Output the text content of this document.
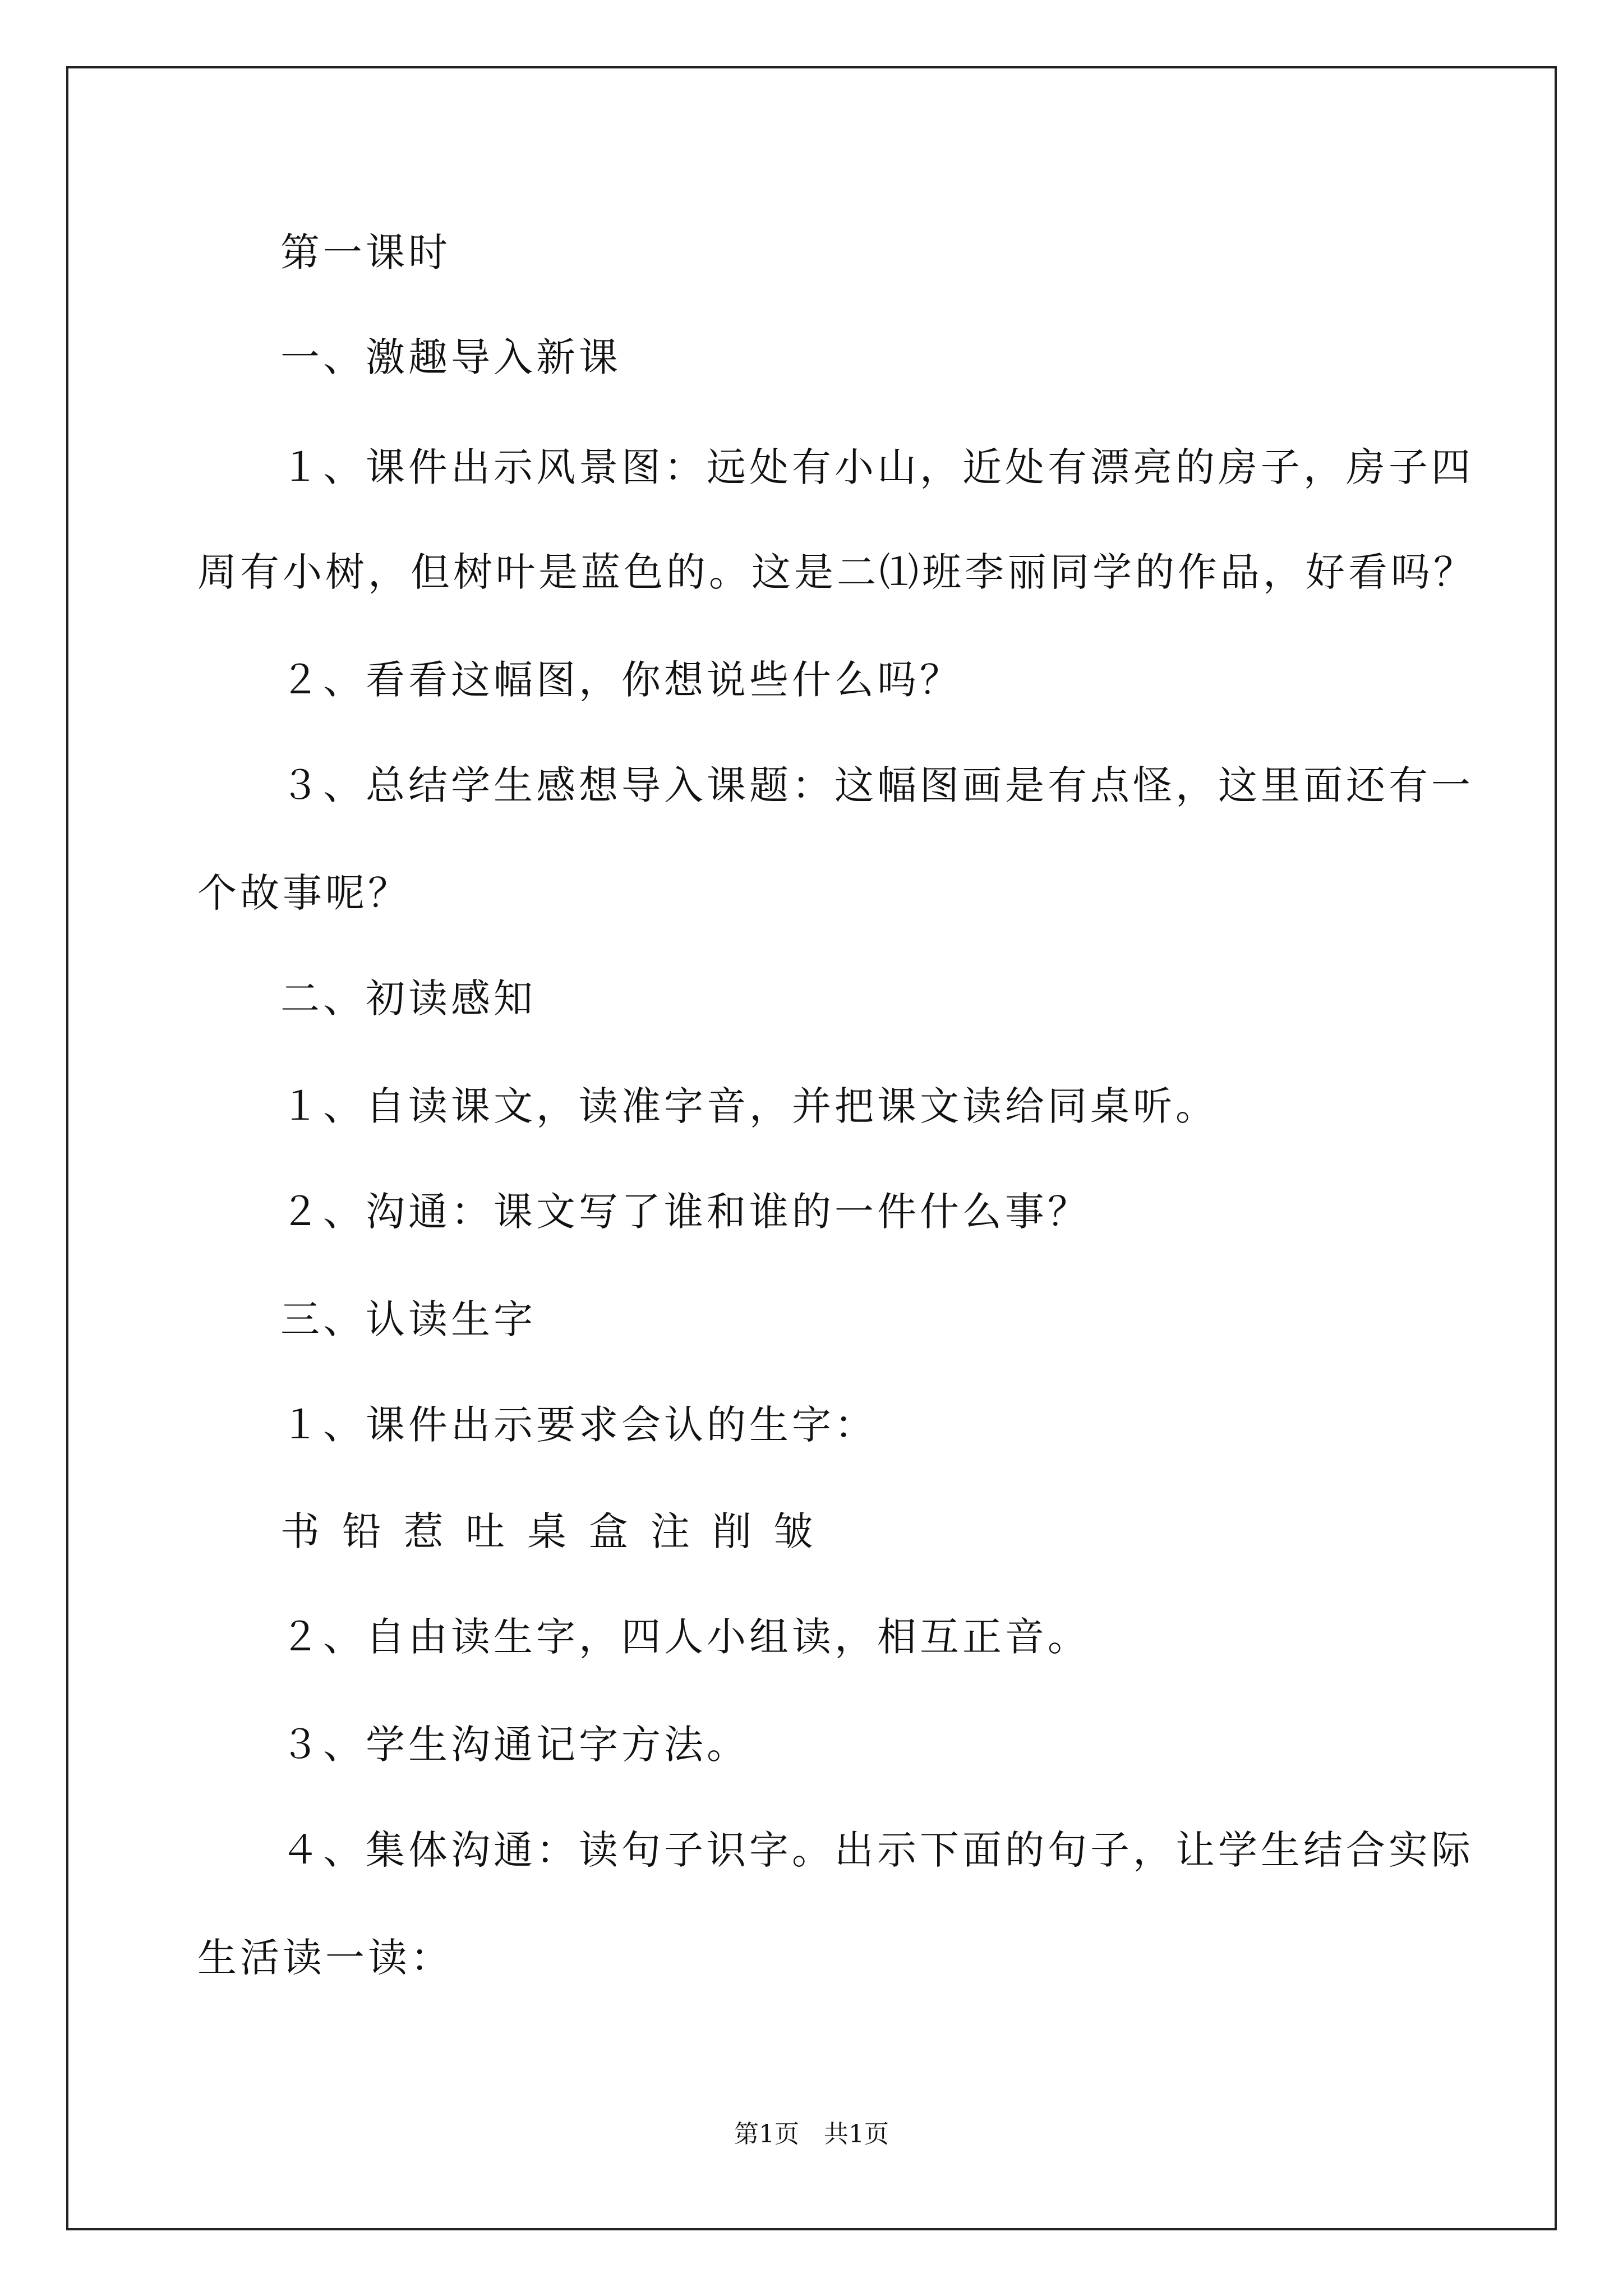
第一课时
一、激趣导入新课
１、课件出示风景图：远处有小山，近处有漂亮的房子，房子四
周有小树，但树叶是蓝色的。这是二⑴班李丽同学的作品，好看吗？
２、看看这幅图，你想说些什么吗？
３、总结学生感想导入课题：这幅图画是有点怪，这里面还有一
个故事呢？
二、初读感知
１、自读课文，读准字音，并把课文读给同桌听。
２、沟通：课文写了谁和谁的一件什么事？
三、认读生字
１、课件出示要求会认的生字：
书 铅 惹 吐 桌 盒 注 削 皱
２、自由读生字，四人小组读，相互正音。
３、学生沟通记字方法。
４、集体沟通：读句子识字。出示下面的句子，让学生结合实际
生活读一读：
第1页　共1页
